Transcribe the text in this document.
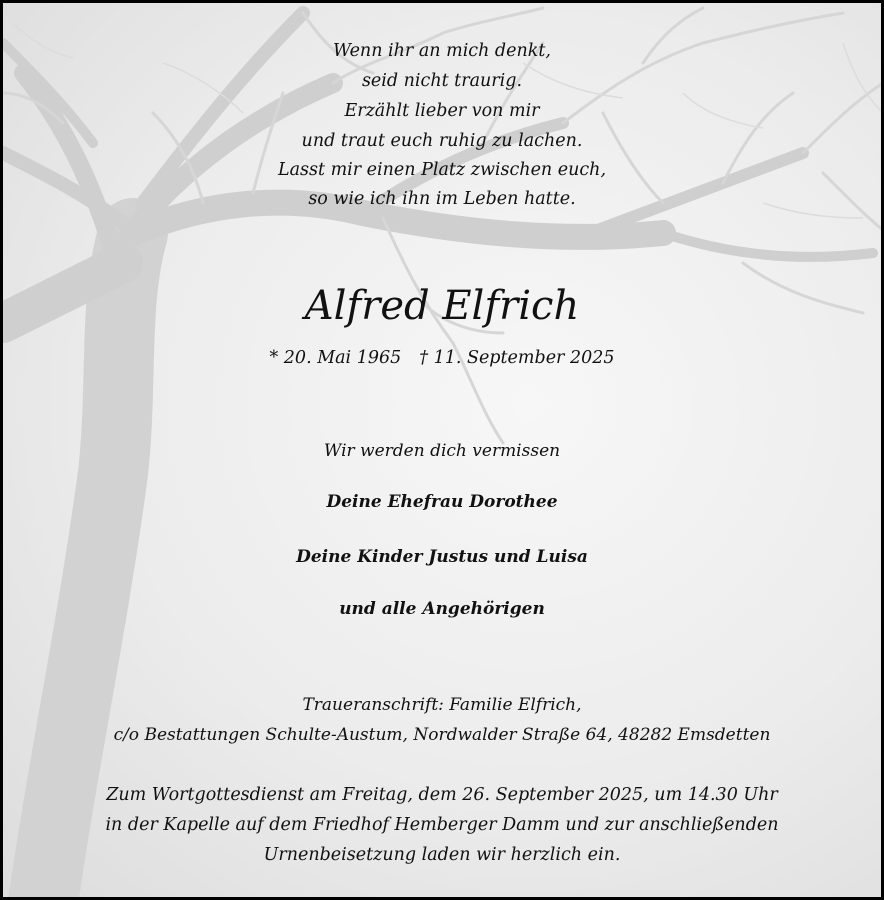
Wenn ihr an mich denkt,
seid nicht traurig.
Erzählt lieber von mir
und traut euch ruhig zu lachen.
Lasst mir einen Platz zwischen euch,
so wie ich ihn im Leben hatte.
Alfred Elfrich
* 20. Mai 1965 † 11. September 2025
Wir werden dich vermissen
Deine Ehefrau Dorothee
Deine Kinder Justus und Luisa
und alle Angehörigen
Traueranschrift: Familie Elfrich,
c/o Bestattungen Schulte-Austum, Nordwalder Straße 64, 48282 Emsdetten
Zum Wortgottesdienst am Freitag, dem 26. September 2025, um 14.30 Uhr
in der Kapelle auf dem Friedhof Hemberger Damm und zur anschließenden
Urnenbeisetzung laden wir herzlich ein.
